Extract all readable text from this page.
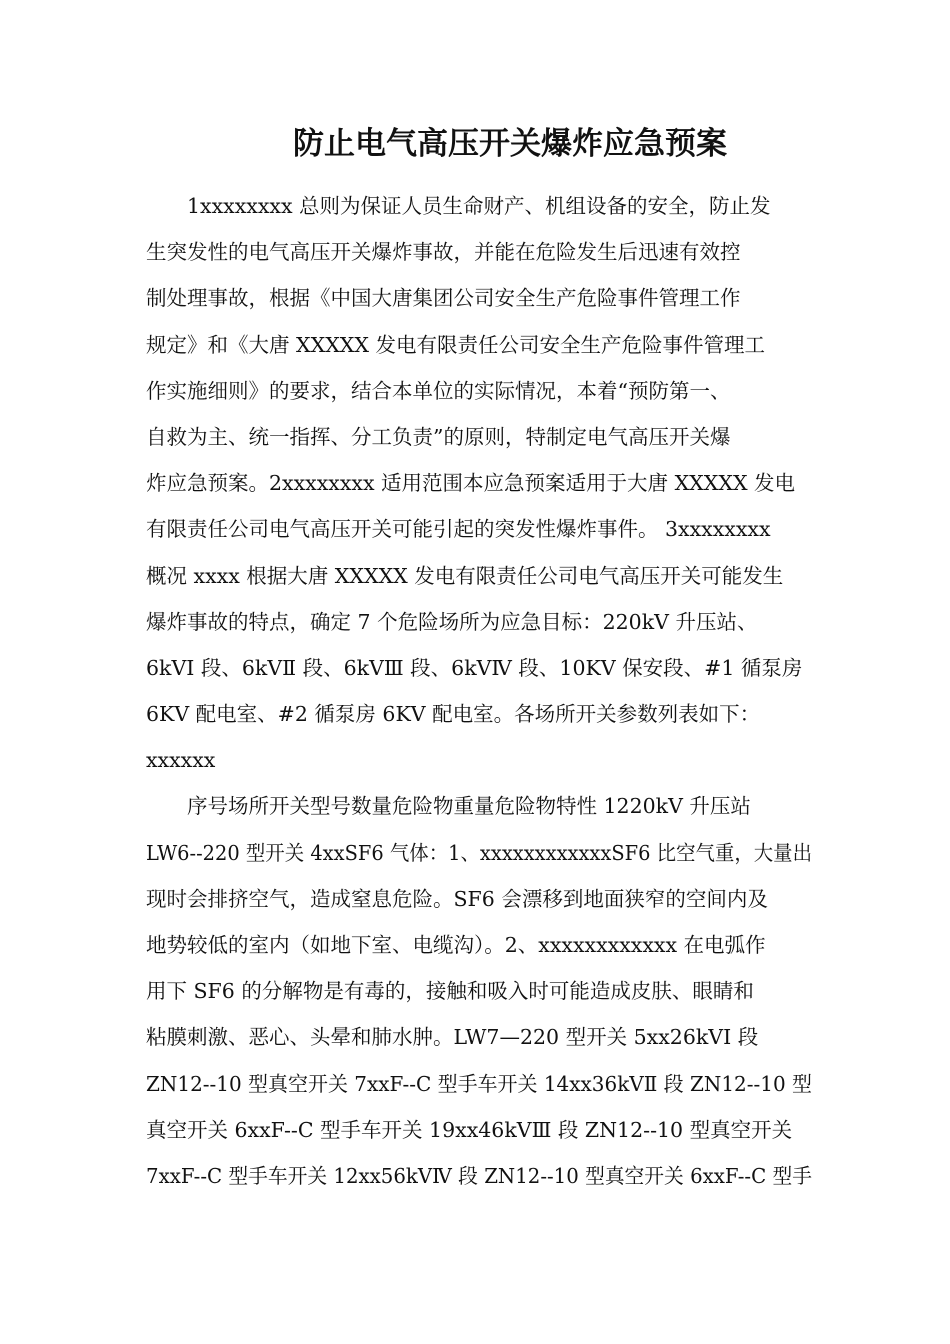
防止电气高压开关爆炸应急预案
1xxxxxxxx 总则为保证人员生命财产、机组设备的安全，防止发
生突发性的电气高压开关爆炸事故，并能在危险发生后迅速有效控
制处理事故，根据《中国大唐集团公司安全生产危险事件管理工作
规定》和《大唐 XXXXX 发电有限责任公司安全生产危险事件管理工
作实施细则》的要求，结合本单位的实际情况，本着“预防第一、
自救为主、统一指挥、分工负责”的原则，特制定电气高压开关爆
炸应急预案。2xxxxxxxx 适用范围本应急预案适用于大唐 XXXXX 发电
有限责任公司电气高压开关可能引起的突发性爆炸事件。 3xxxxxxxx
概况 xxxx 根据大唐 XXXXX 发电有限责任公司电气高压开关可能发生
爆炸事故的特点，确定 7 个危险场所为应急目标：220kV 升压站、
6kVⅠ 段、6kVⅡ 段、6kVⅢ 段、6kVⅣ 段、10KV 保安段、#1 循泵房
6KV 配电室、#2 循泵房 6KV 配电室。各场所开关参数列表如下：
xxxxxx
序号场所开关型号数量危险物重量危险物特性 1220kV 升压站
LW6--220 型开关 4xxSF6 气体：1、xxxxxxxxxxxxSF6 比空气重，大量出
现时会排挤空气，造成窒息危险。SF6 会漂移到地面狭窄的空间内及
地势较低的室内（如地下室、电缆沟）。2、xxxxxxxxxxxx 在电弧作
用下 SF6 的分解物是有毒的，接触和吸入时可能造成皮肤、眼睛和
粘膜刺激、恶心、头晕和肺水肿。LW7—220 型开关 5xx26kVⅠ 段
ZN12--10 型真空开关 7xxF--C 型手车开关 14xx36kVⅡ 段 ZN12--10 型
真空开关 6xxF--C 型手车开关 19xx46kVⅢ 段 ZN12--10 型真空开关
7xxF--C 型手车开关 12xx56kVⅣ 段 ZN12--10 型真空开关 6xxF--C 型手
